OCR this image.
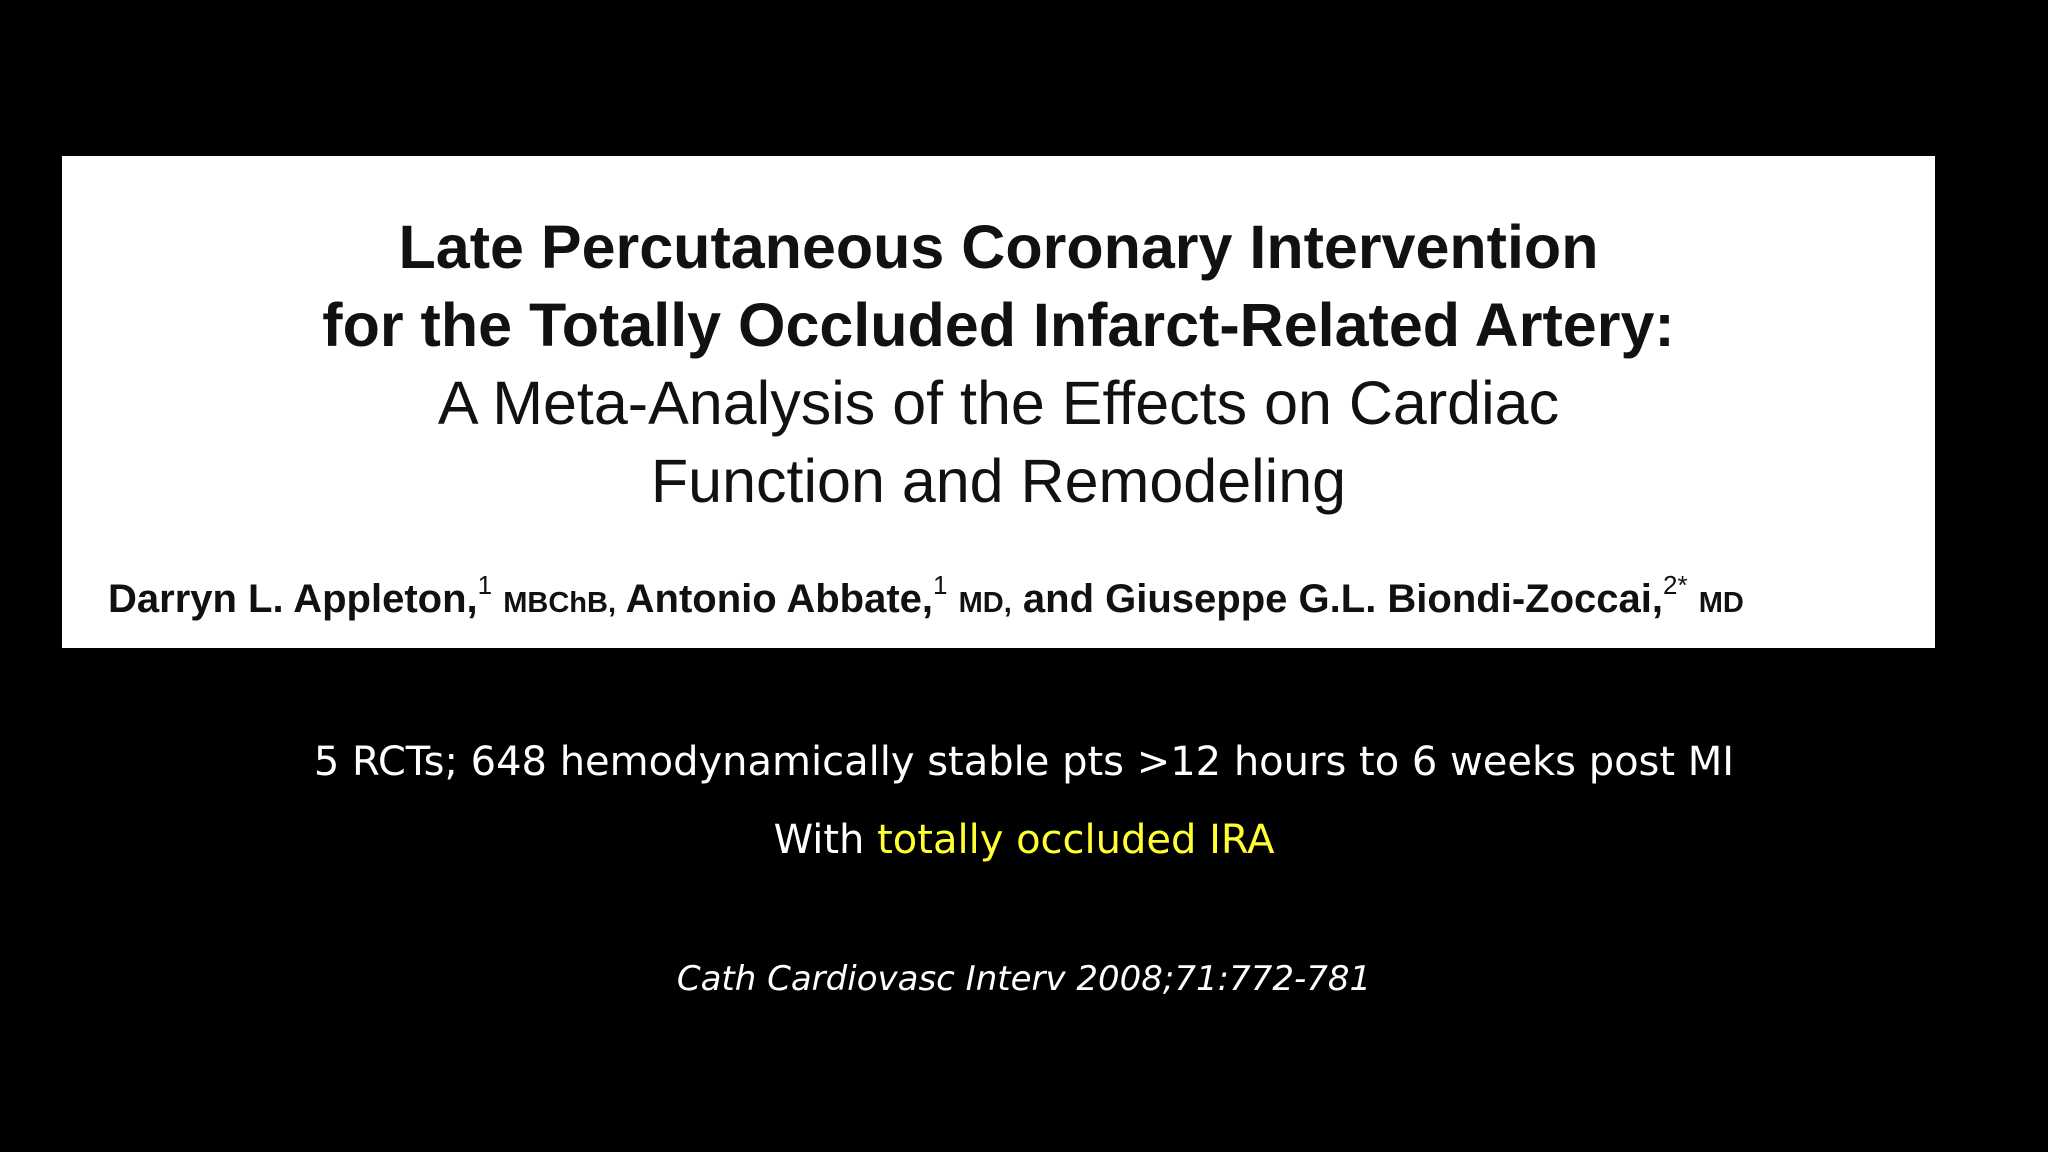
Late Percutaneous Coronary Intervention
for the Totally Occluded Infarct-Related Artery:
A Meta-Analysis of the Effects on Cardiac
Function and Remodeling
Darryn L. Appleton,$^1$ MBChB, Antonio Abbate,$^1$ MD, and Giuseppe G.L. Biondi-Zoccai,$^{2*}$ MD
5 RCTs; 648 hemodynamically stable pts >12 hours to 6 weeks post MI
With totally occluded IRA
Cath Cardiovasc Interv 2008;71:772-781
